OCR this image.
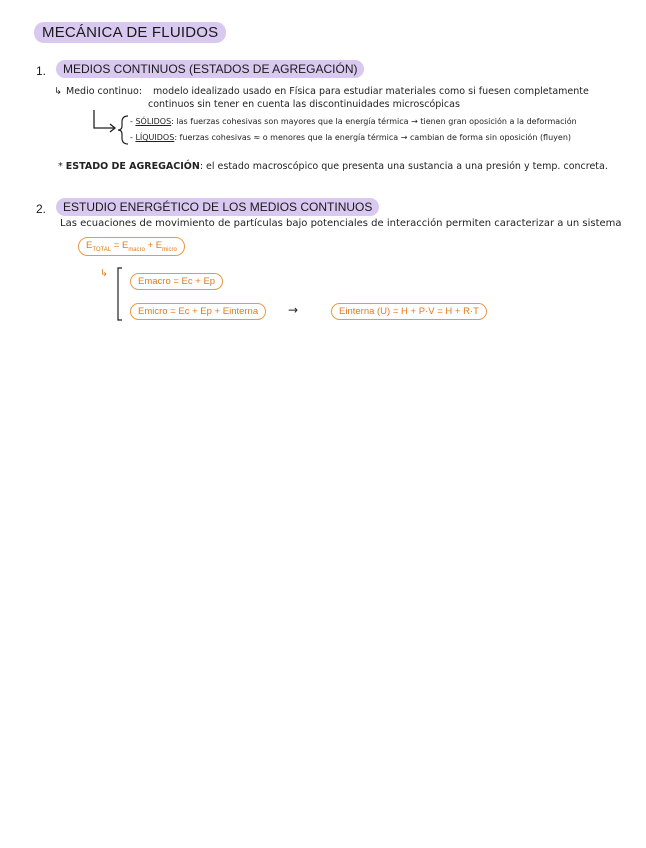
MECÁNICA DE FLUIDOS
1.	MEDIOS CONTINUOS (ESTADOS DE AGREGACIÓN)
↳ Medio continuo: modelo idealizado usado en Física para estudiar materiales como si fuesen completamente
continuos sin tener en cuenta las discontinuidades microscópicas
- SÓLIDOS: las fuerzas cohesivas son mayores que la energía térmica → tienen gran oposición a la deformación
- LÍQUIDOS: fuerzas cohesivas ≈ o menores que la energía térmica → cambian de forma sin oposición (fluyen)
* ESTADO DE AGREGACIÓN: el estado macroscópico que presenta una sustancia a una presión y temp. concreta.
2.	ESTUDIO ENERGÉTICO DE LOS MEDIOS CONTINUOS
Las ecuaciones de movimiento de partículas bajo potenciales de interacción permiten caracterizar a un sistema
$E_{TOTAL} = E_{macro} + E_{micro}$
↳
Emacro = Ec + Ep
Emicro = Ec + Ep + Einterna	→	Einterna (U) = H + P·V = H + R·T
